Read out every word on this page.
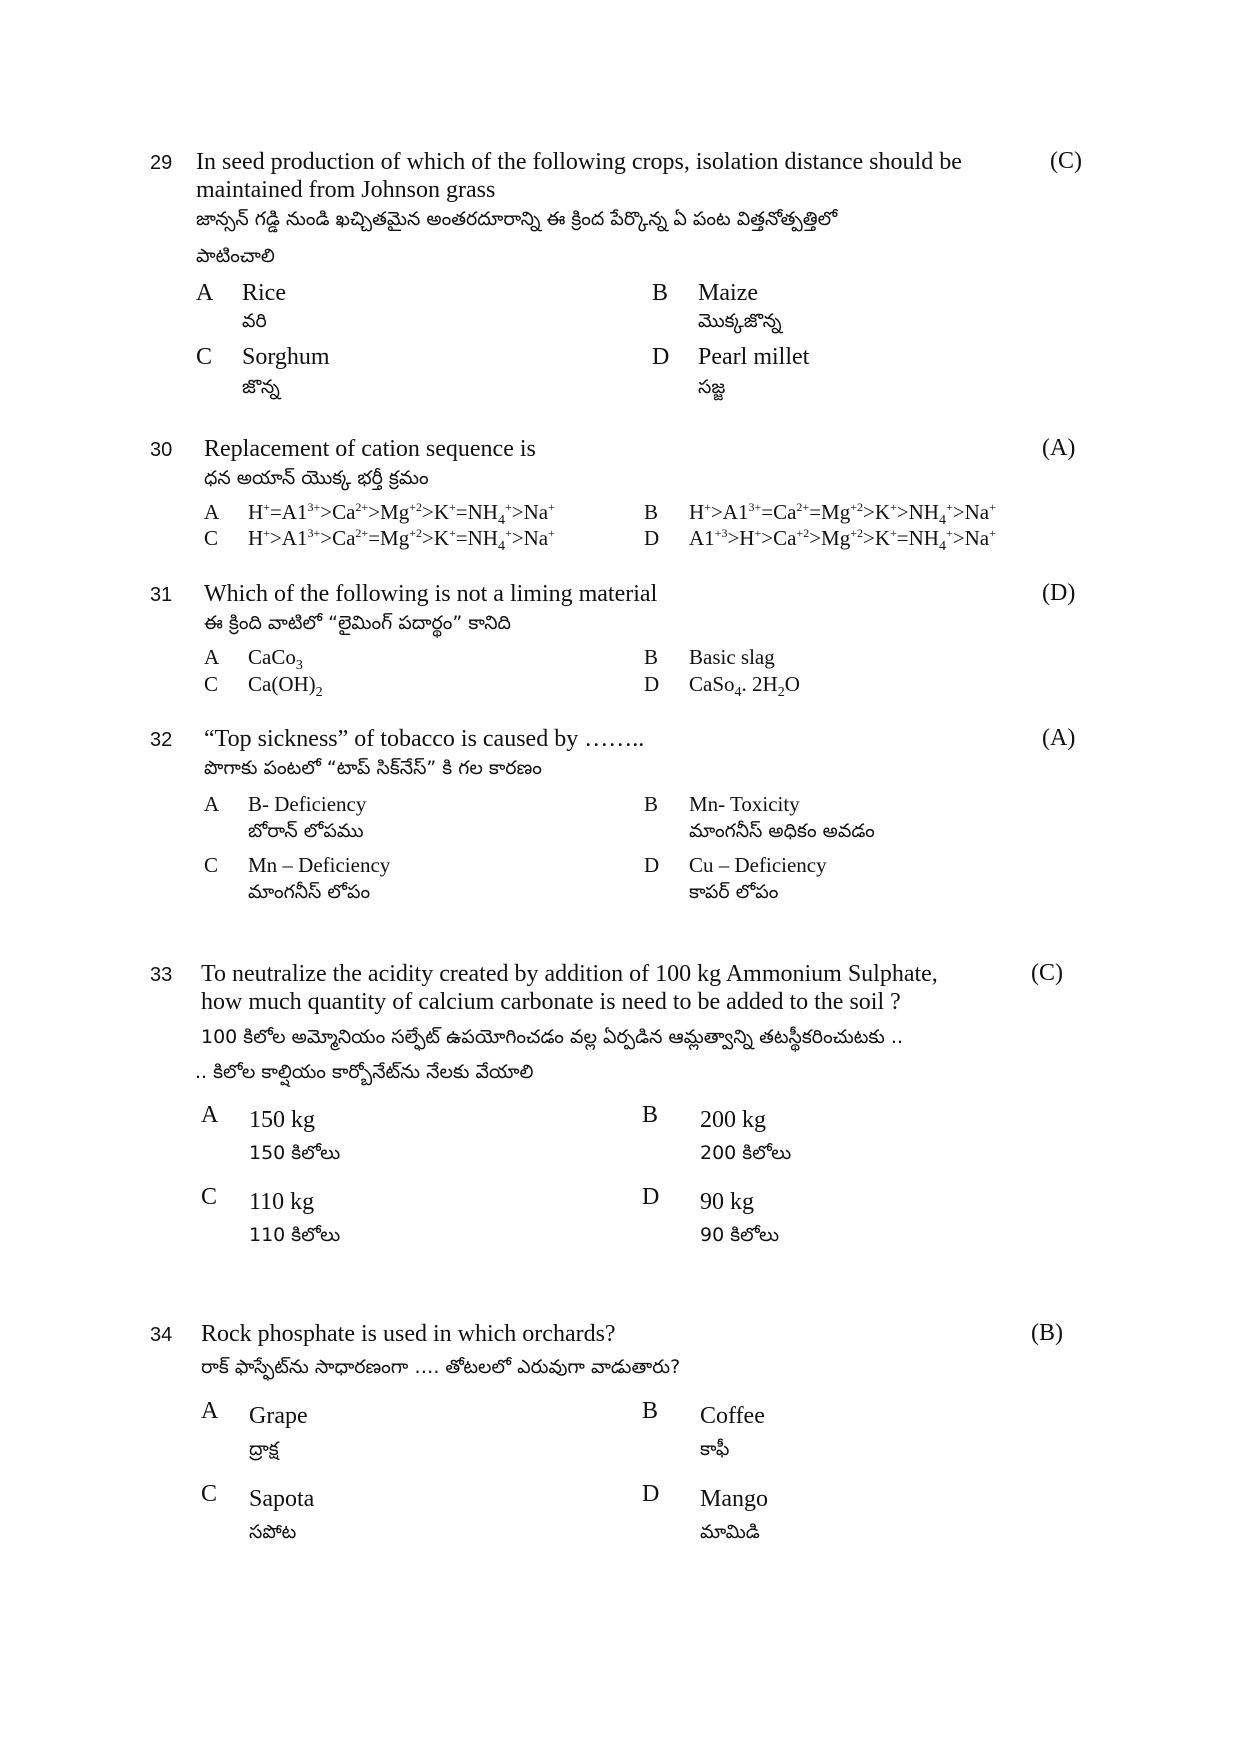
29	(C)
In seed production of which of the following crops, isolation distance should be
maintained from Johnson grass
జాన్సన్ గడ్డి నుండి ఖచ్చితమైన అంతరదూరాన్ని ఈ క్రింద పేర్కొన్న ఏ పంట విత్తనోత్పత్తిలో
పాటించాలి
A Rice
వరి
B Maize
మొక్కజొన్న
C Sorghum
జొన్న
D Pearl millet
సజ్జ
30	(A)
Replacement of cation sequence is
ధన అయాన్ యొక్క భర్తీ క్రమం
A $H^+=A1^{3+}>Ca^{2+}>Mg^{+2}>K^+=NH_4^+>Na^+$	B $H^+>A1^{3+}=Ca^{2+}=Mg^{+2}>K^+>NH_4^+>Na^+$
C $H^+>A1^{3+}>Ca^{2+}=Mg^{+2}>K^+=NH_4^+>Na^+$	D $A1^{+3}>H^+>Ca^{+2}>Mg^{+2}>K^+=NH_4^+>Na^+$
31	(D)
Which of the following is not a liming material
ఈ క్రింది వాటిలో “లైమింగ్ పదార్థం” కానిది
A CaCo$_3$	B Basic slag
C $Ca(OH)_2$	D CaSo$_4$. $2H_2O$
32	(A)
“Top sickness” of tobacco is caused by ……..
పొగాకు పంటలో “టాప్ సిక్‌నేస్” కి గల కారణం
A B- Deficiency
బోరాన్ లోపము
B Mn- Toxicity
మాంగనీస్ అధికం అవడం
C Mn – Deficiency
మాంగనీస్ లోపం
D Cu – Deficiency
కాపర్ లోపం
33	(C)
To neutralize the acidity created by addition of 100 kg Ammonium Sulphate,
how much quantity of calcium carbonate is need to be added to the soil ?
100 కిలోల అమ్మోనియం సల్ఫేట్ ఉపయోగించడం వల్ల ఏర్పడిన ఆమ్లత్వాన్ని తటస్థీకరించుటకు ..
.. కిలోల కాల్షియం కార్బోనేట్‌ను నేలకు వేయాలి
A 150 kg
150 కిలోలు
B 200 kg
200 కిలోలు
C 110 kg
110 కిలోలు
D 90 kg
90 కిలోలు
34	(B)
Rock phosphate is used in which orchards?
రాక్ ఫాస్ఫేట్‌ను సాధారణంగా …. తోటలలో ఎరువుగా వాడుతారు?
A Grape
ద్రాక్ష
B Coffee
కాఫీ
C Sapota
సపోట
D Mango
మామిడి
